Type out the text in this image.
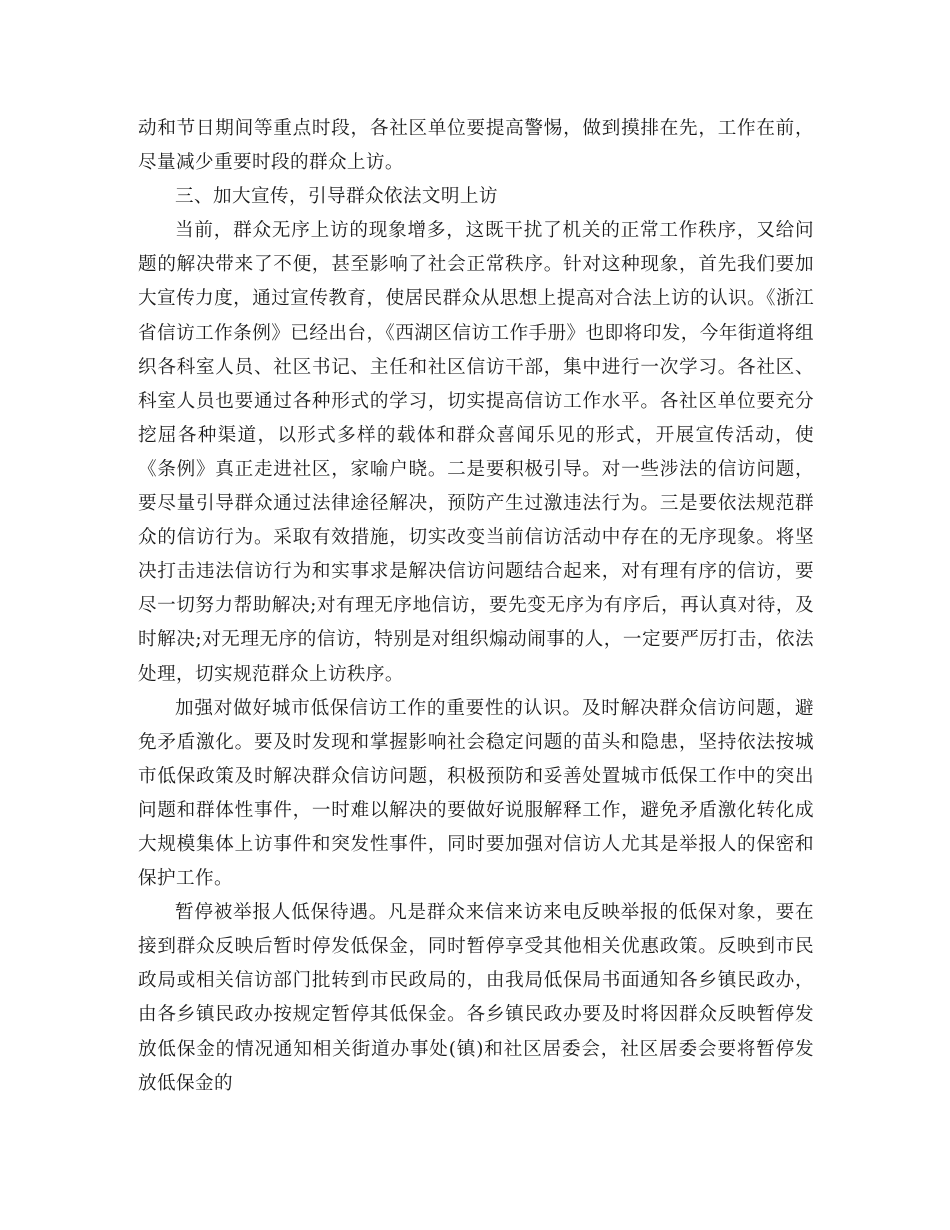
动和节日期间等重点时段，各社区单位要提高警惕，做到摸排在先，工作在前，尽量减少重要时段的群众上访。

三、加大宣传，引导群众依法文明上访

当前，群众无序上访的现象增多，这既干扰了机关的正常工作秩序，又给问题的解决带来了不便，甚至影响了社会正常秩序。针对这种现象，首先我们要加大宣传力度，通过宣传教育，使居民群众从思想上提高对合法上访的认识。《浙江省信访工作条例》已经出台，《西湖区信访工作手册》也即将印发，今年街道将组织各科室人员、社区书记、主任和社区信访干部，集中进行一次学习。各社区、科室人员也要通过各种形式的学习，切实提高信访工作水平。各社区单位要充分挖屈各种渠道，以形式多样的载体和群众喜闻乐见的形式，开展宣传活动，使《条例》真正走进社区，家喻户晓。二是要积极引导。对一些涉法的信访问题，要尽量引导群众通过法律途径解决，预防产生过激违法行为。三是要依法规范群众的信访行为。采取有效措施，切实改变当前信访活动中存在的无序现象。将坚决打击违法信访行为和实事求是解决信访问题结合起来，对有理有序的信访，要尽一切努力帮助解决;对有理无序地信访，要先变无序为有序后，再认真对待，及时解决;对无理无序的信访，特别是对组织煽动闹事的人，一定要严厉打击，依法处理，切实规范群众上访秩序。

加强对做好城市低保信访工作的重要性的认识。及时解决群众信访问题，避免矛盾激化。要及时发现和掌握影响社会稳定问题的苗头和隐患，坚持依法按城市低保政策及时解决群众信访问题，积极预防和妥善处置城市低保工作中的突出问题和群体性事件，一时难以解决的要做好说服解释工作，避免矛盾激化转化成大规模集体上访事件和突发性事件，同时要加强对信访人尤其是举报人的保密和保护工作。

暂停被举报人低保待遇。凡是群众来信来访来电反映举报的低保对象，要在接到群众反映后暂时停发低保金，同时暂停享受其他相关优惠政策。反映到市民政局或相关信访部门批转到市民政局的，由我局低保局书面通知各乡镇民政办，由各乡镇民政办按规定暂停其低保金。各乡镇民政办要及时将因群众反映暂停发放低保金的情况通知相关街道办事处(镇)和社区居委会，社区居委会要将暂停发放低保金的
